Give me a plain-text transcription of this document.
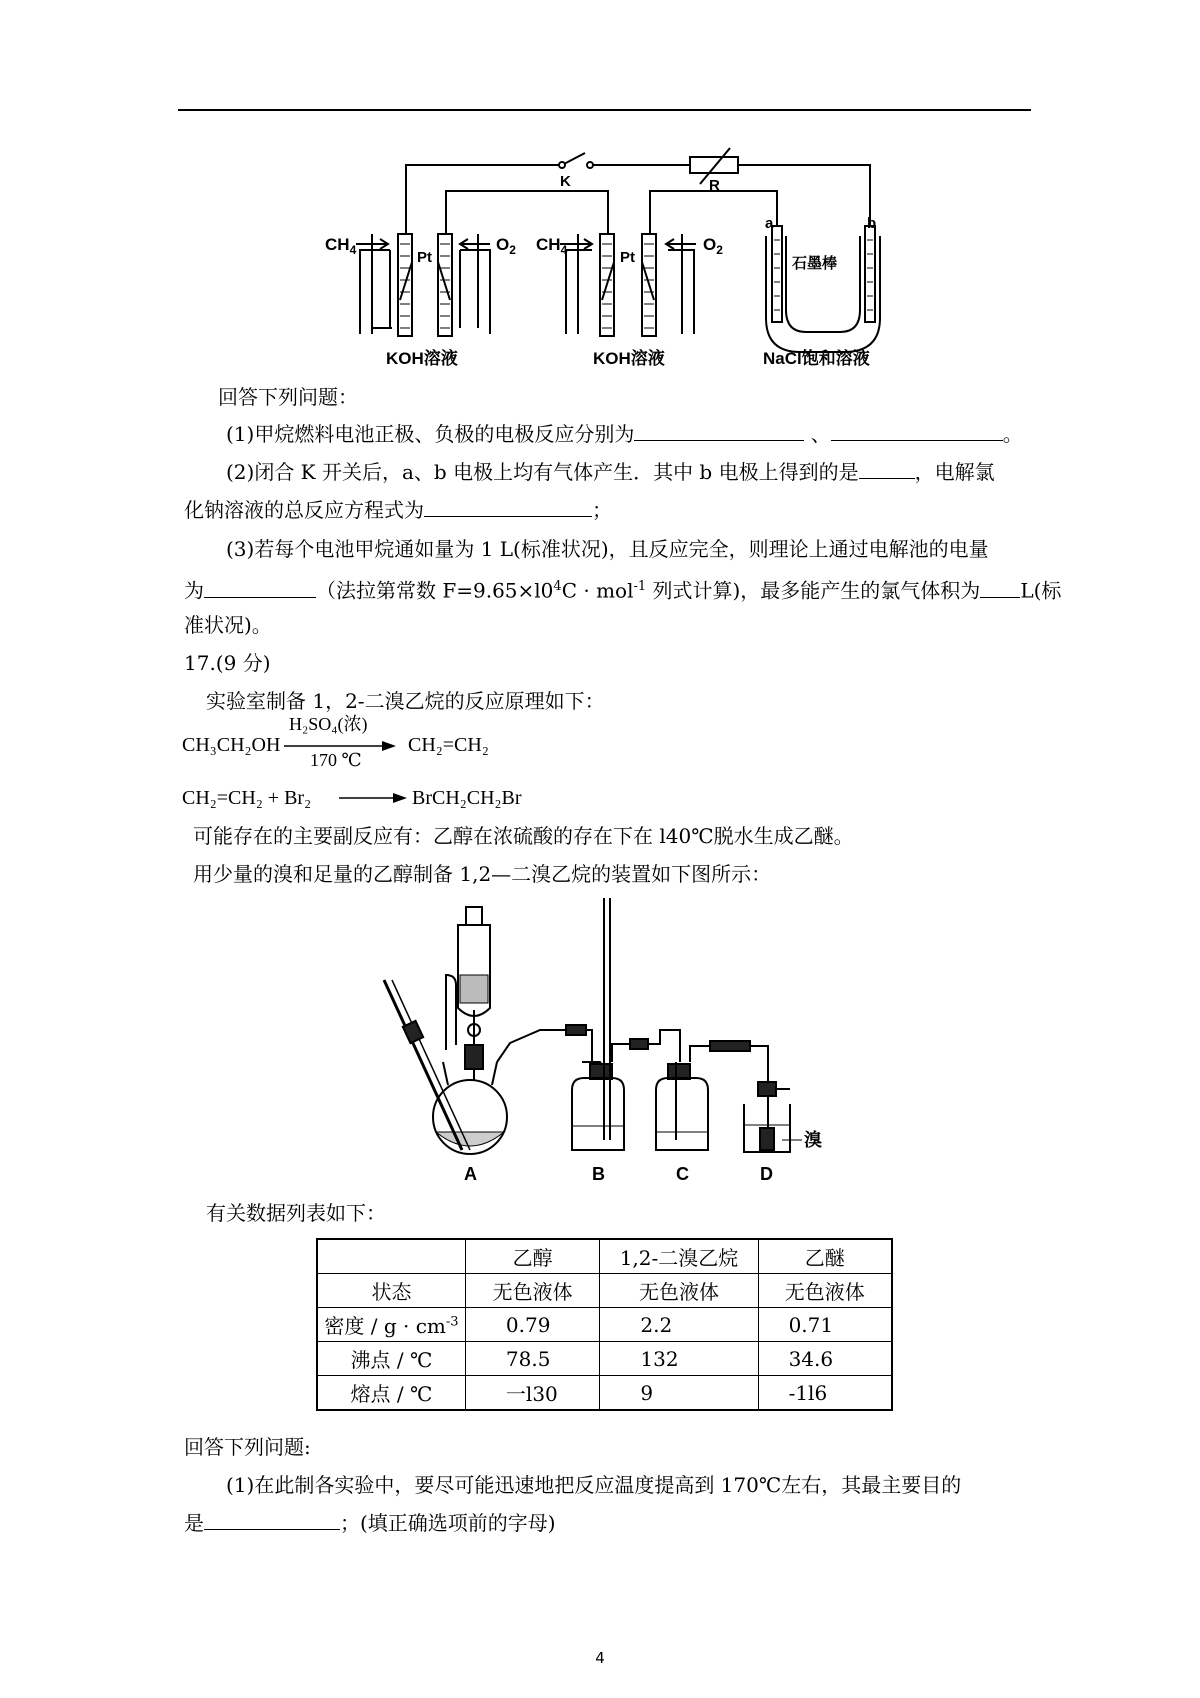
$CH_4$	$O_2$ $CH_4$	$O_2$
Pt	Pt
K	R
a	b
石墨棒
KOH溶液	KOH溶液	NaCl饱和溶液
回答下列问题：
(1)甲烷燃料电池正极、负极的电极反应分别为	、	。
(2)闭合 K 开关后，a、b 电极上均有气体产生．其中 b 电极上得到的是	，电解氯
化钠溶液的总反应方程式为	；
(3)若每个电池甲烷通如量为 1 L(标准状况)，且反应完全，则理论上通过电解池的电量
为	（法拉第常数 $F=9.65\times l0^4C \cdot mol^{-1}$ 列式计算)，最多能产生的氯气体积为 L(标
准状况)。
17.(9 分)
实验室制备 1，2-二溴乙烷的反应原理如下：
CH₃CH₂OH
H₂SO₄(浓)
170 ℃
CH₂=CH₂
CH₂=CH₂ + Br₂	BrCH₂CH₂Br
可能存在的主要副反应有：乙醇在浓硫酸的存在下在 l40℃脱水生成乙醚。
用少量的溴和足量的乙醇制备 1,2—二溴乙烷的装置如下图所示：
A	B	C	D
溴
有关数据列表如下：
	乙醇	1,2-二溴乙烷	乙醚
状态	无色液体	无色液体	无色液体
密度 / $g \cdot cm^{-3}$	0.79	2.2	0.71
沸点 / ℃	78.5	132	34.6
熔点 / ℃	一l30	9	-1l6
回答下列问题:
(1)在此制各实验中，要尽可能迅速地把反应温度提高到 170℃左右，其最主要目的
是	；(填正确选项前的字母)
4
